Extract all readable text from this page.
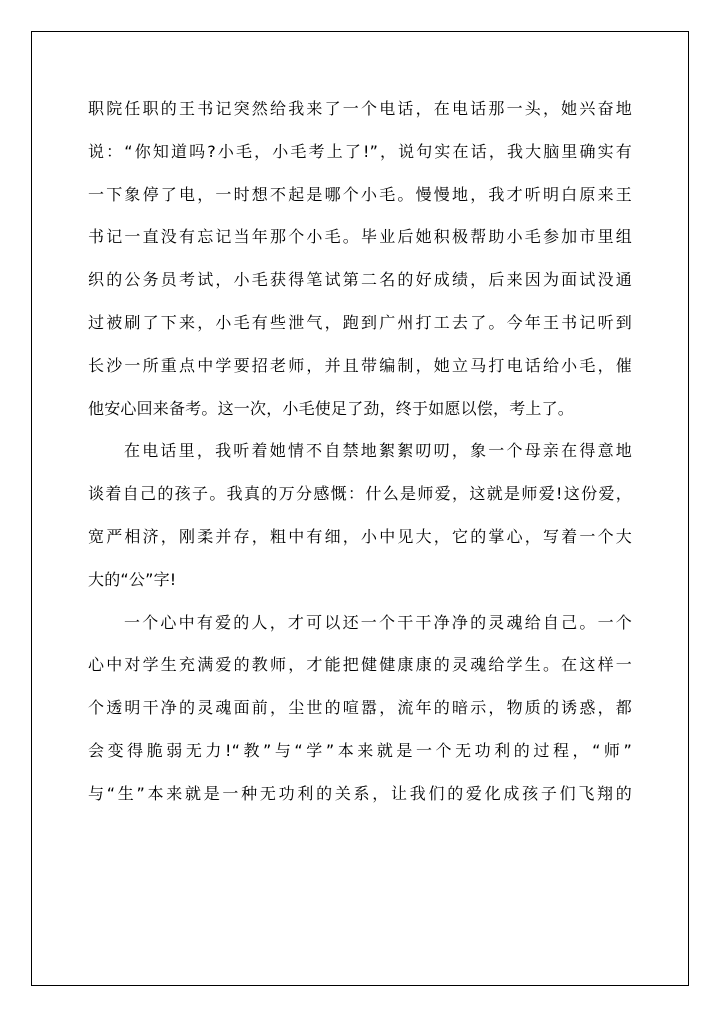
职院任职的王书记突然给我来了一个电话，在电话那一头，她兴奋地
说：“你知道吗?小毛，小毛考上了!”，说句实在话，我大脑里确实有
一下象停了电，一时想不起是哪个小毛。慢慢地，我才听明白原来王
书记一直没有忘记当年那个小毛。毕业后她积极帮助小毛参加市里组
织的公务员考试，小毛获得笔试第二名的好成绩，后来因为面试没通
过被刷了下来，小毛有些泄气，跑到广州打工去了。今年王书记听到
长沙一所重点中学要招老师，并且带编制，她立马打电话给小毛，催
他安心回来备考。这一次，小毛使足了劲，终于如愿以偿，考上了。
在电话里，我听着她情不自禁地絮絮叨叨，象一个母亲在得意地
谈着自己的孩子。我真的万分感慨：什么是师爱，这就是师爱!这份爱，
宽严相济，刚柔并存，粗中有细，小中见大，它的掌心，写着一个大
大的“公”字!
一个心中有爱的人，才可以还一个干干净净的灵魂给自己。一个
心中对学生充满爱的教师，才能把健健康康的灵魂给学生。在这样一
个透明干净的灵魂面前，尘世的喧嚣，流年的暗示，物质的诱惑，都
会变得脆弱无力!“教”与“学”本来就是一个无功利的过程，“师”
与“生”本来就是一种无功利的关系，让我们的爱化成孩子们飞翔的
